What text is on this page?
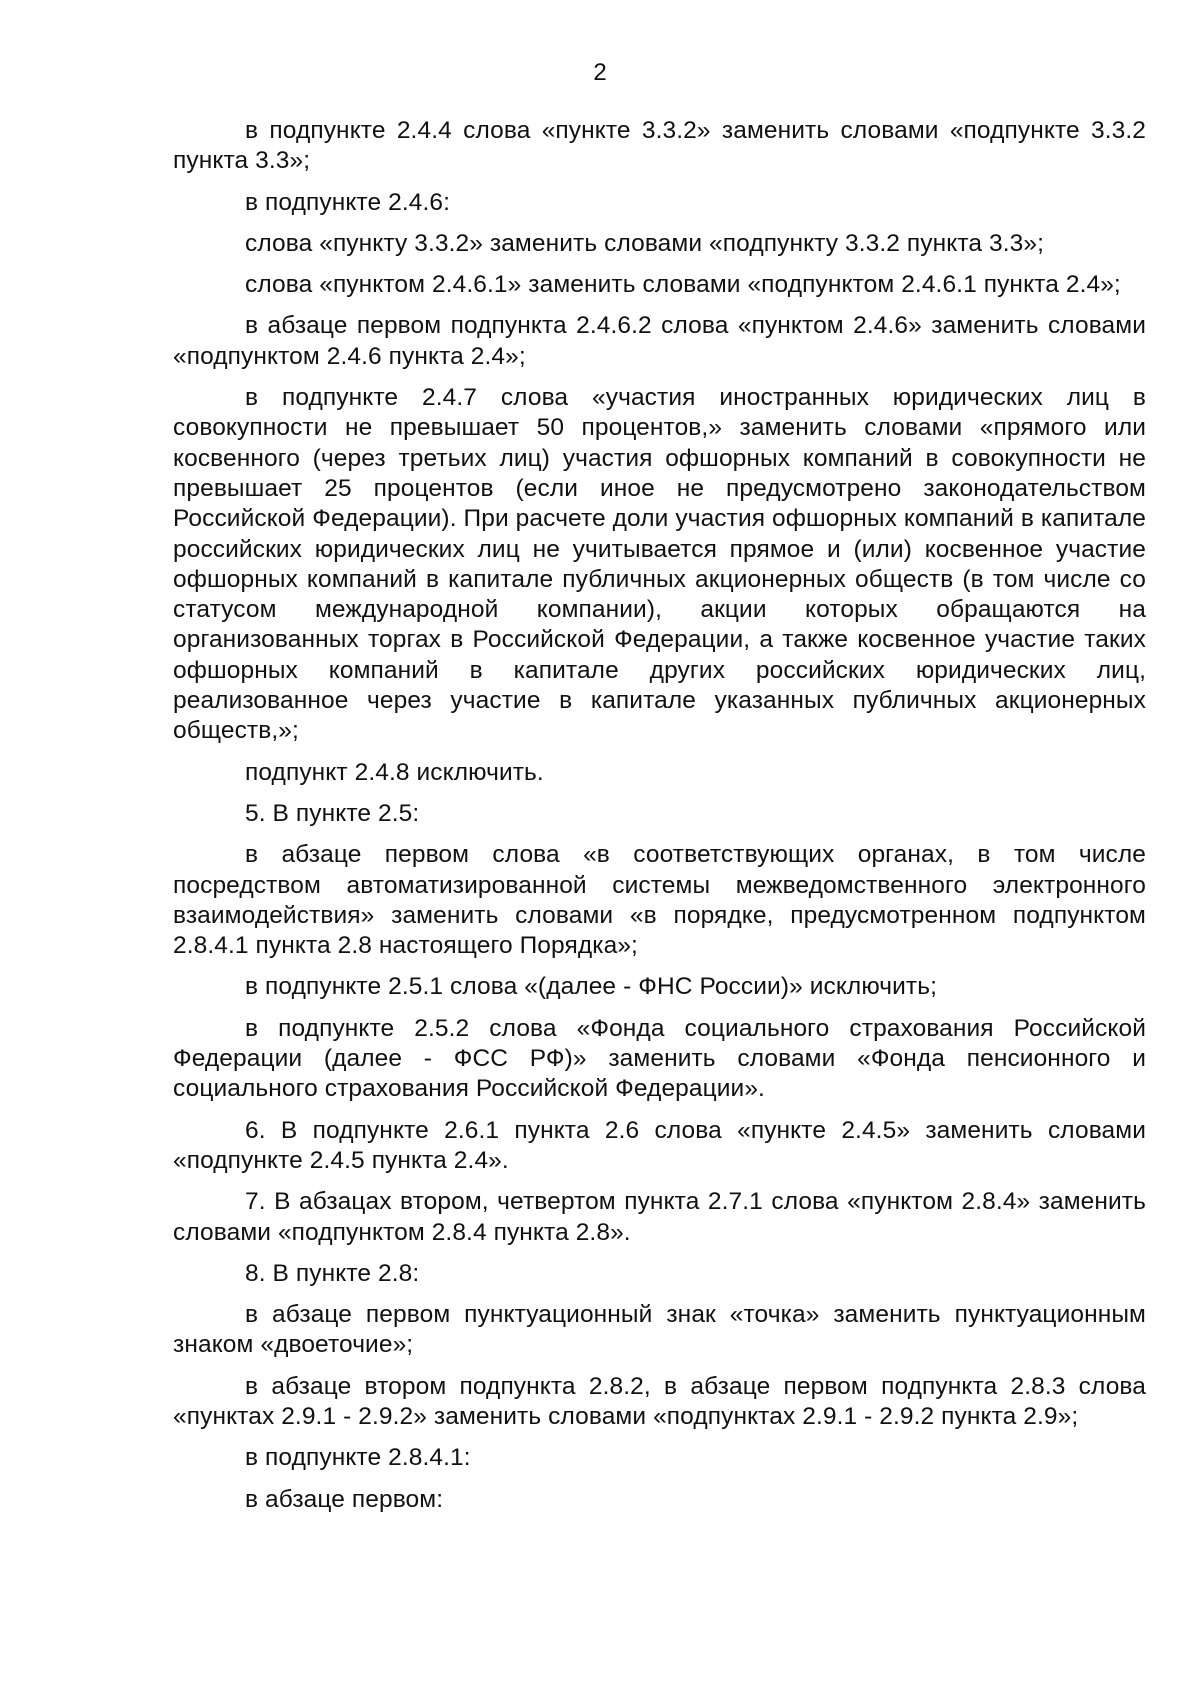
2

в подпункте 2.4.4 слова «пункте 3.3.2» заменить словами «подпункте 3.3.2 пункта 3.3»;

в подпункте 2.4.6:

слова «пункту 3.3.2» заменить словами «подпункту 3.3.2 пункта 3.3»;

слова «пунктом 2.4.6.1» заменить словами «подпунктом 2.4.6.1 пункта 2.4»;

в абзаце первом подпункта 2.4.6.2 слова «пунктом 2.4.6» заменить словами «подпунктом 2.4.6 пункта 2.4»;

в подпункте 2.4.7 слова «участия иностранных юридических лиц в совокупности не превышает 50 процентов,» заменить словами «прямого или косвенного (через третьих лиц) участия офшорных компаний в совокупности не превышает 25 процентов (если иное не предусмотрено законодательством Российской Федерации). При расчете доли участия офшорных компаний в капитале российских юридических лиц не учитывается прямое и (или) косвенное участие офшорных компаний в капитале публичных акционерных обществ (в том числе со статусом международной компании), акции которых обращаются на организованных торгах в Российской Федерации, а также косвенное участие таких офшорных компаний в капитале других российских юридических лиц, реализованное через участие в капитале указанных публичных акционерных обществ,»;

подпункт 2.4.8 исключить.

5. В пункте 2.5:

в абзаце первом слова «в соответствующих органах, в том числе посредством автоматизированной системы межведомственного электронного взаимодействия» заменить словами «в порядке, предусмотренном подпунктом 2.8.4.1 пункта 2.8 настоящего Порядка»;

в подпункте 2.5.1 слова «(далее - ФНС России)» исключить;

в подпункте 2.5.2 слова «Фонда социального страхования Российской Федерации (далее - ФСС РФ)» заменить словами «Фонда пенсионного и социального страхования Российской Федерации».

6. В подпункте 2.6.1 пункта 2.6 слова «пункте 2.4.5» заменить словами «подпункте 2.4.5 пункта 2.4».

7. В абзацах втором, четвертом пункта 2.7.1 слова «пунктом 2.8.4» заменить словами «подпунктом 2.8.4 пункта 2.8».

8. В пункте 2.8:

в абзаце первом пунктуационный знак «точка» заменить пунктуационным знаком «двоеточие»;

в абзаце втором подпункта 2.8.2, в абзаце первом подпункта 2.8.3 слова «пунктах 2.9.1 - 2.9.2» заменить словами «подпунктах 2.9.1 - 2.9.2 пункта 2.9»;

в подпункте 2.8.4.1:

в абзаце первом:
